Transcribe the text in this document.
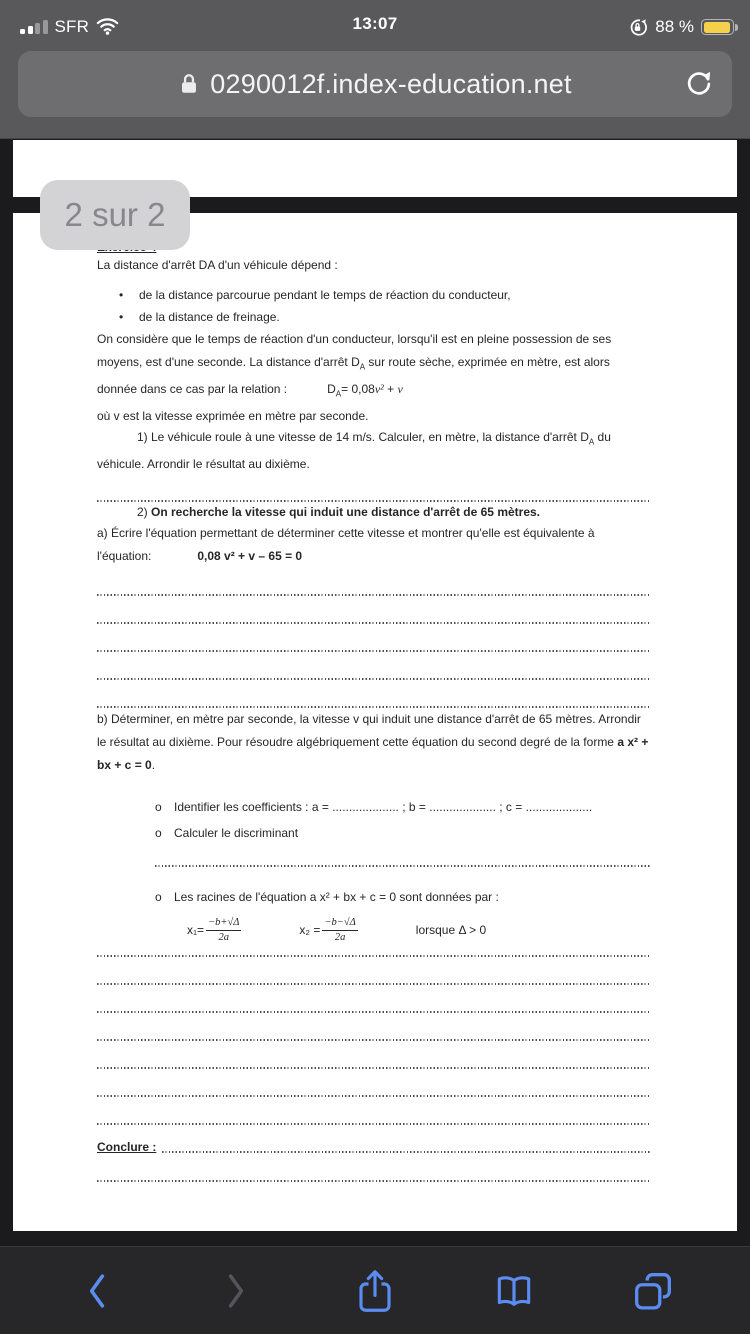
SFR	13:07	88 %
0290012f.index-education.net

La distance d'arrêt DA d'un véhicule dépend :

•	de la distance parcourue pendant le temps de réaction du conducteur,
•	de la distance de freinage.

On considère que le temps de réaction d'un conducteur, lorsqu'il est en pleine possession de ses moyens, est d'une seconde. La distance d'arrêt $D_A$ sur route sèche, exprimée en mètre, est alors donnée dans ce cas par la relation :	$D_A= 0,08v^2 + v$

où v est la vitesse exprimée en mètre par seconde.

1) Le véhicule roule à une vitesse de 14 m/s. Calculer, en mètre, la distance d'arrêt $D_A$ du véhicule. Arrondir le résultat au dixième.

2) On recherche la vitesse qui induit une distance d'arrêt de 65 mètres.

a) Écrire l'équation permettant de déterminer cette vitesse et montrer qu'elle est équivalente à
l'équation:	0,08 v² + v – 65 = 0

b) Déterminer, en mètre par seconde, la vitesse v qui induit une distance d'arrêt de 65 mètres. Arrondir le résultat au dixième. Pour résoudre algébriquement cette équation du second degré de la forme a x² + bx + c = 0.

o	Identifier les coefficients : a = .................... ; b = .................... ; c = ....................
o	Calculer le discriminant
o	Les racines de l'équation a x² + bx + c = 0 sont données par :
$x_1= \frac{-b+√\Delta}{2a}$	$x_2 = \frac{-b-√\Delta}{2a}$	lorsque Δ > 0
Conclure :
2 sur 2
